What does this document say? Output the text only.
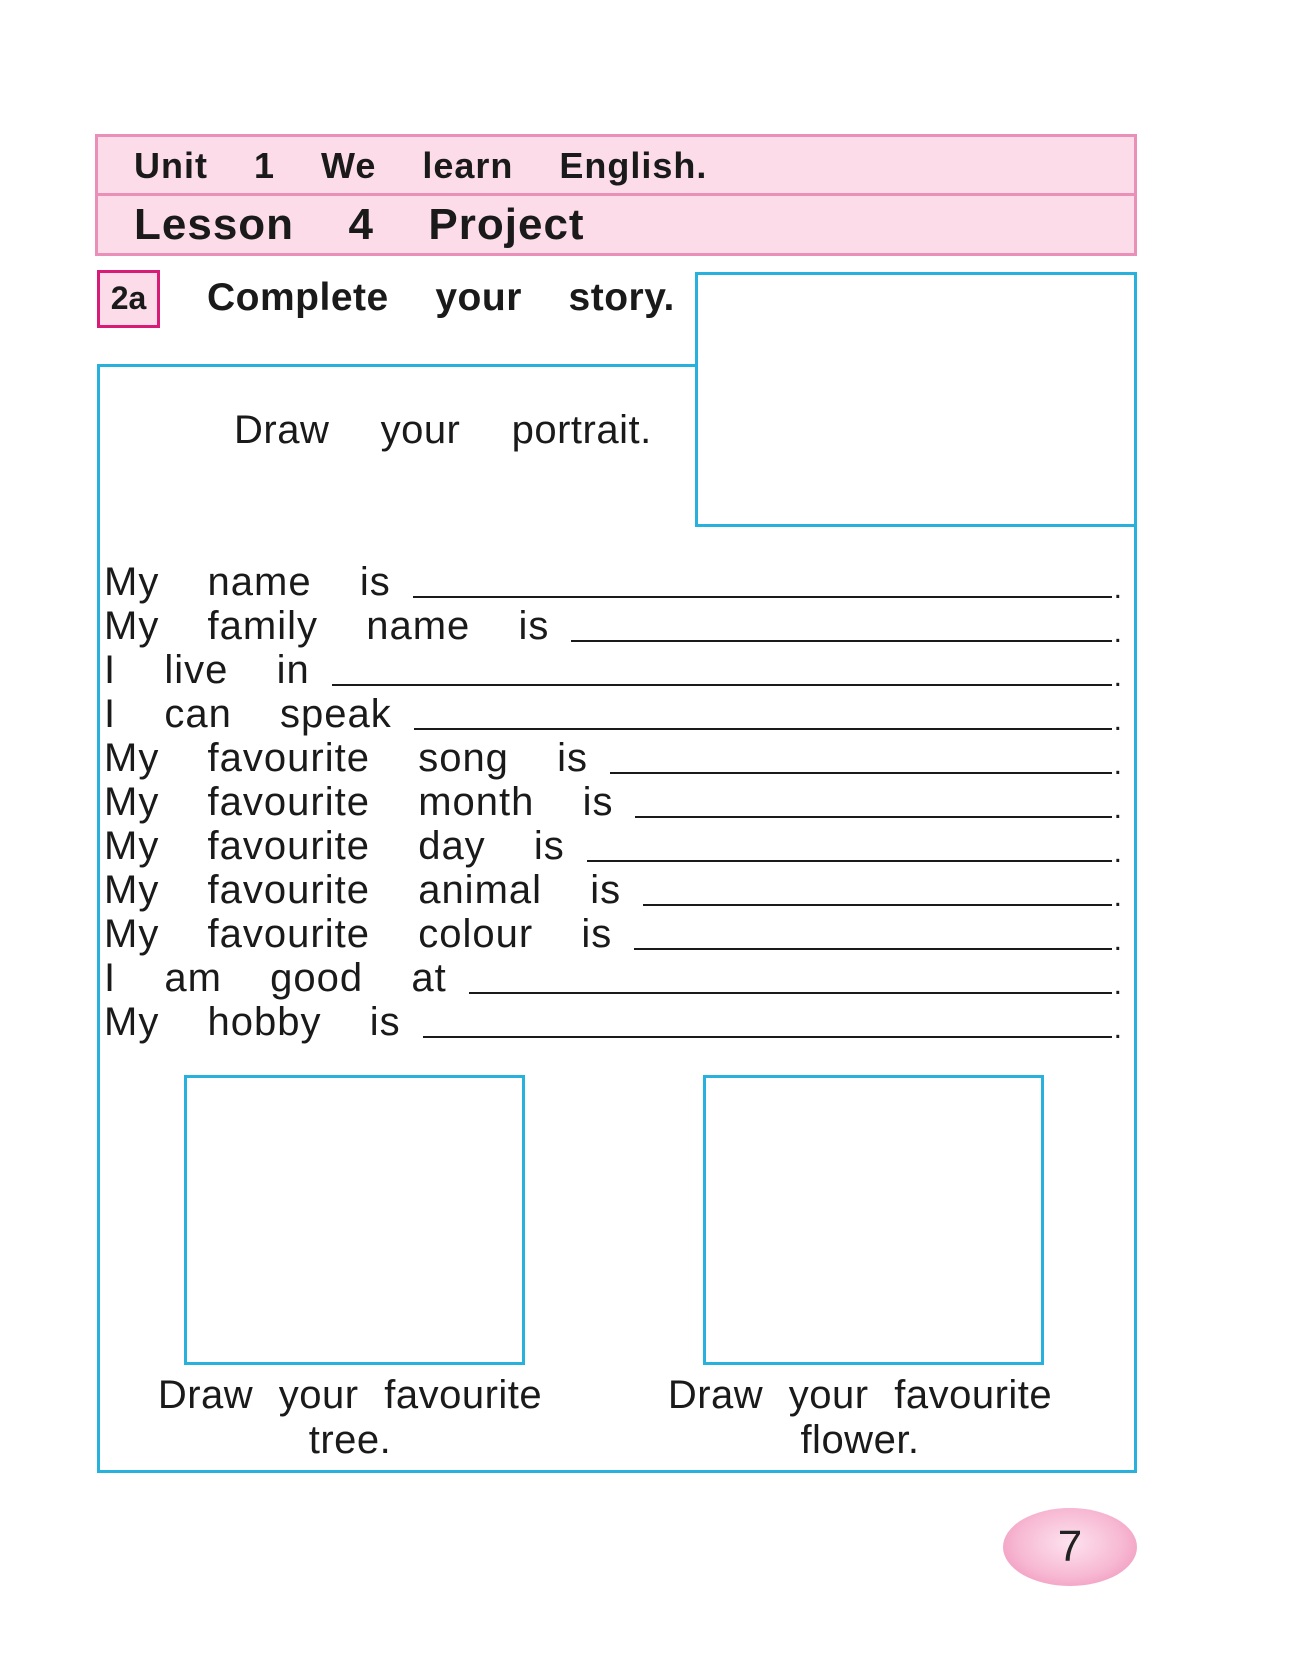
Unit  1  We  learn  English.
Lesson  4  Project
2a	Complete  your  story.
Draw  your  portrait.
My  name  is	.
My  family  name  is	.
I  live  in	.
I  can  speak	.
My  favourite  song  is	.
My  favourite  month  is	.
My  favourite  day  is	.
My  favourite  animal  is	.
My  favourite  colour  is	.
I  am  good  at	.
My  hobby  is	.
Draw your favourite
tree.
Draw your favourite
flower.
7
